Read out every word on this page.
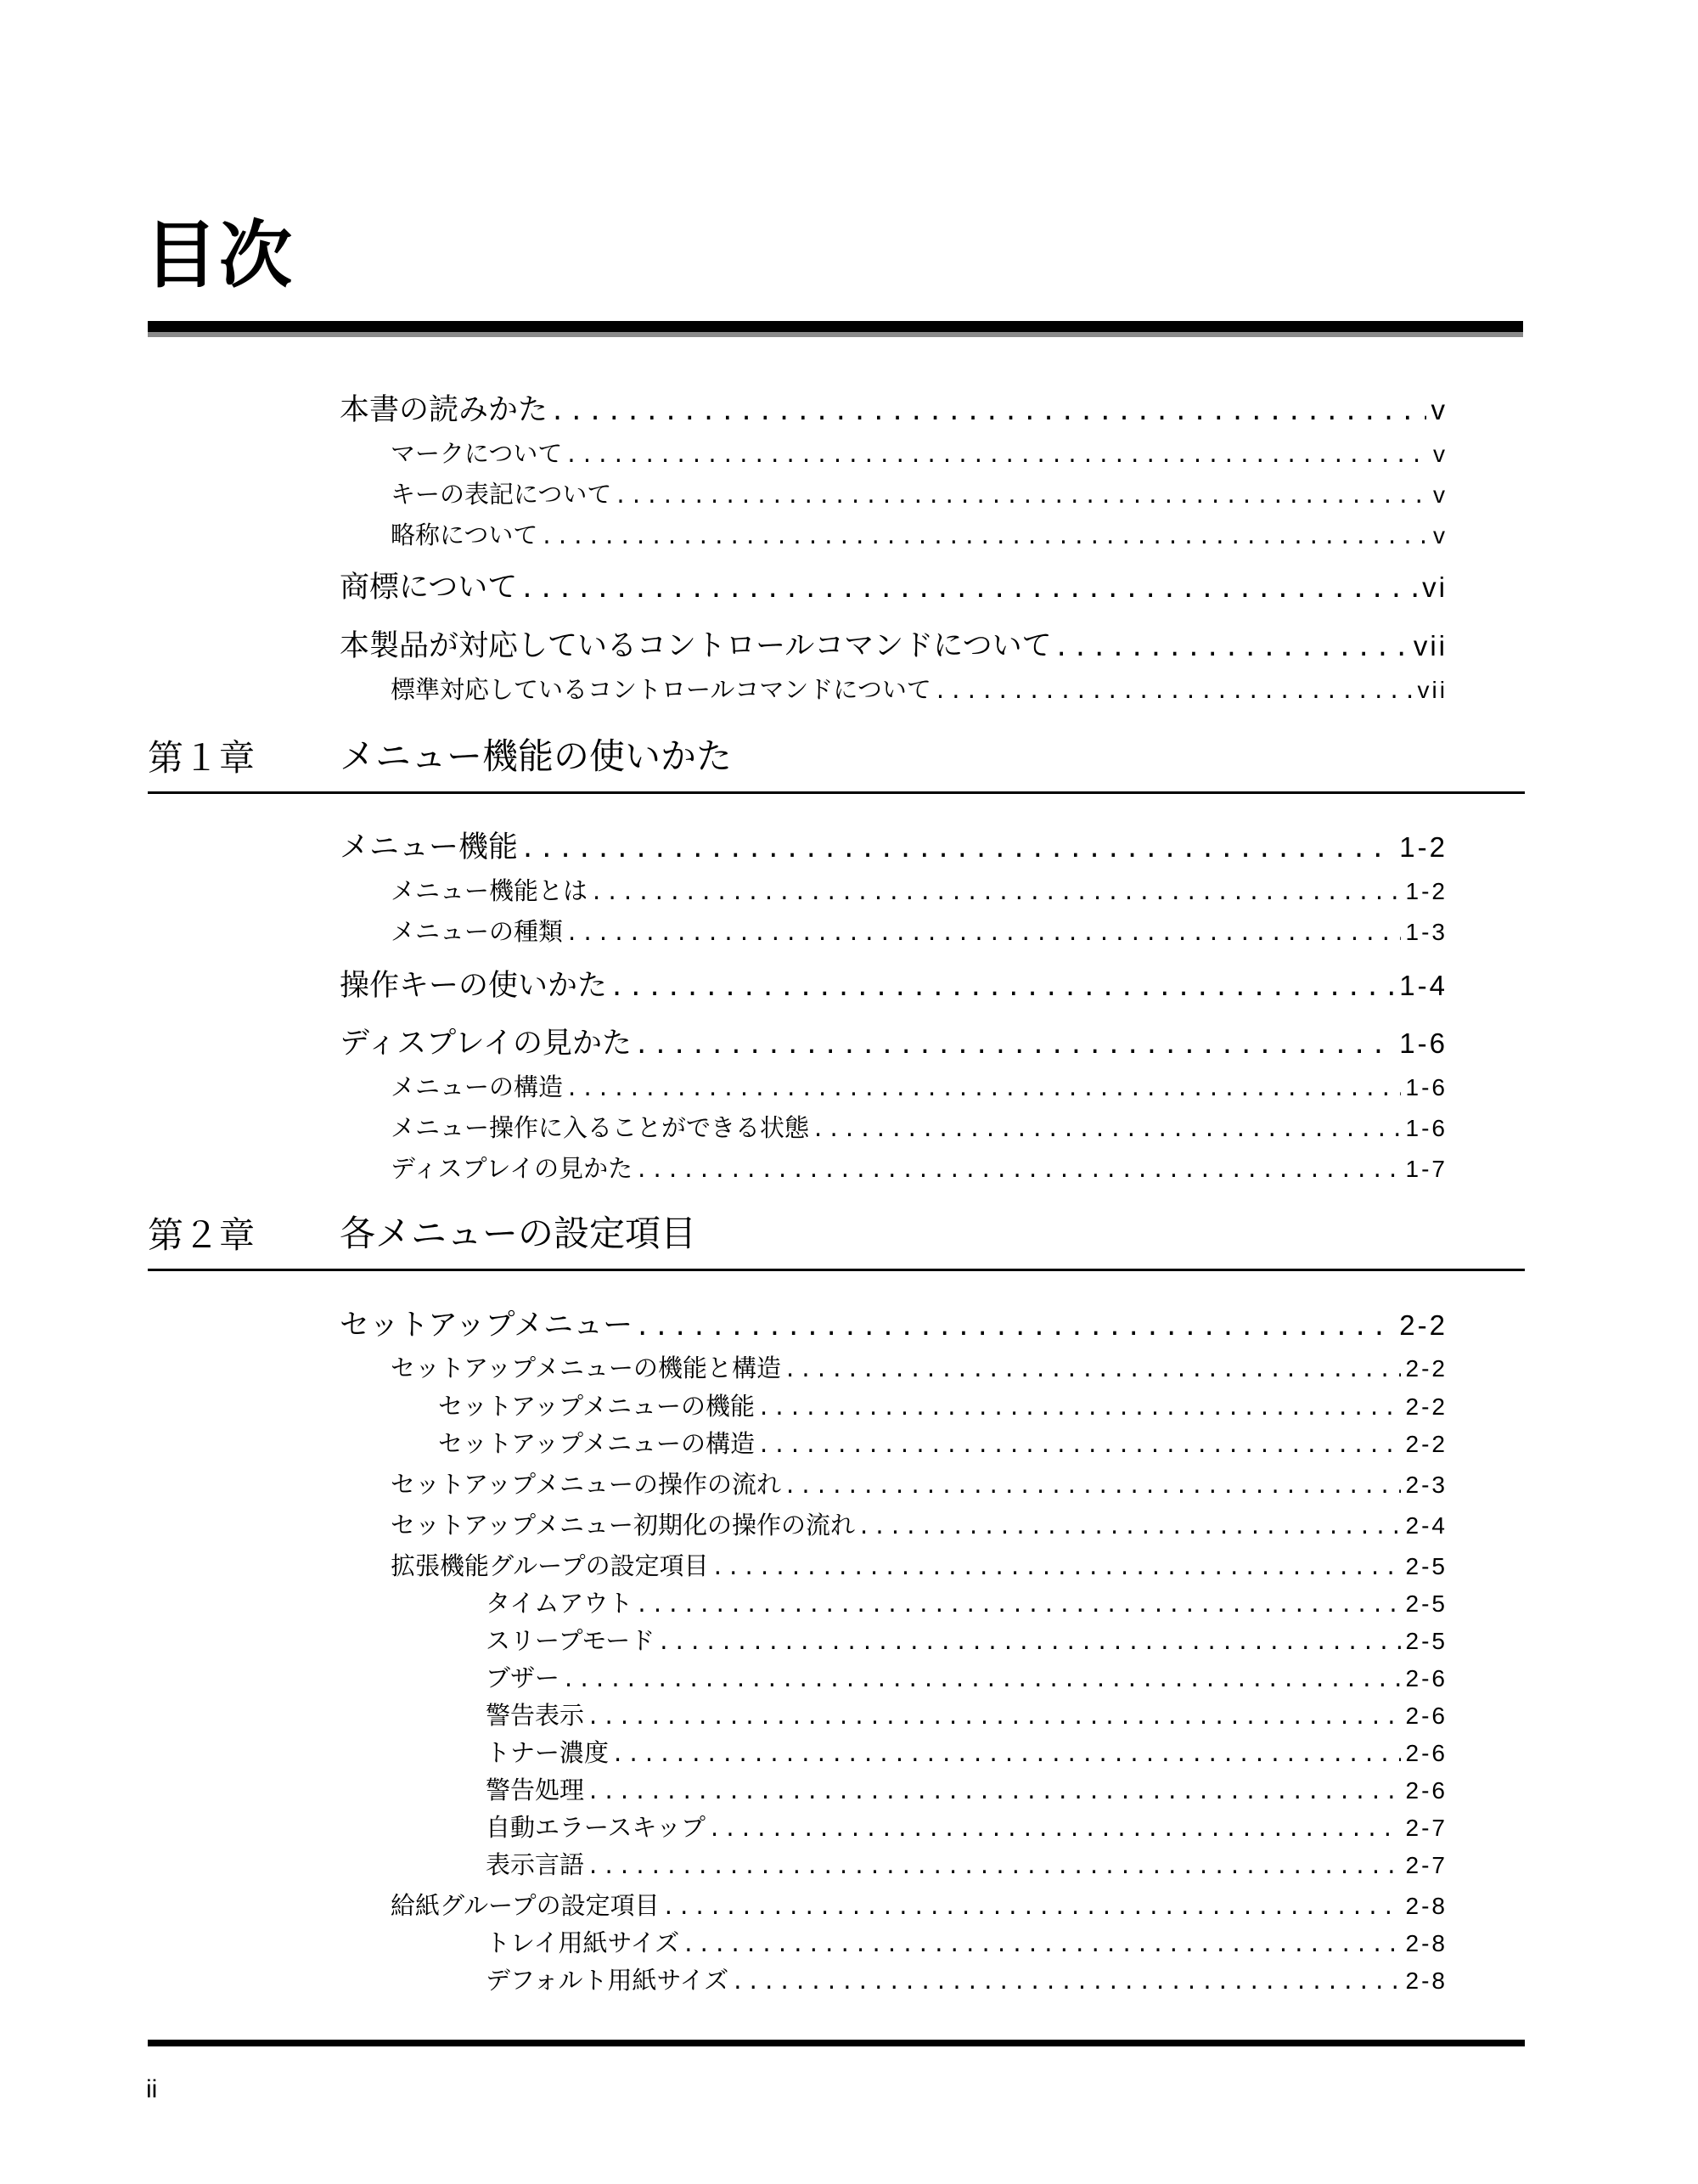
目次
本書の読みかた . . .	v
マークについて . . .	v
キーの表記について . . .	v
略称について . . .	v
商標について . . .	vi
本製品が対応しているコントロールコマンドについて . . .	vii
標準対応しているコントロールコマンドについて . . .	vii
第１章 メニュー機能の使いかた
メニュー機能 . . .	1-2
メニュー機能とは . . .	1-2
メニューの種類 . . .	1-3
操作キーの使いかた . . .	1-4
ディスプレイの見かた . . .	1-6
メニューの構造 . . .	1-6
メニュー操作に入ることができる状態 . . .	1-6
ディスプレイの見かた . . .	1-7
第２章 各メニューの設定項目
セットアップメニュー . . .	2-2
セットアップメニューの機能と構造 . . .	2-2
セットアップメニューの機能 . . .	2-2
セットアップメニューの構造 . . .	2-2
セットアップメニューの操作の流れ . . .	2-3
セットアップメニュー初期化の操作の流れ . . .	2-4
拡張機能グループの設定項目 . . .	2-5
タイムアウト . . .	2-5
スリープモード . . .	2-5
ブザー . . .	2-6
警告表示 . . .	2-6
トナー濃度 . . .	2-6
警告処理 . . .	2-6
自動エラースキップ . . .	2-7
表示言語 . . .	2-7
給紙グループの設定項目 . . .	2-8
トレイ用紙サイズ . . .	2-8
デフォルト用紙サイズ . . .	2-8
ii
